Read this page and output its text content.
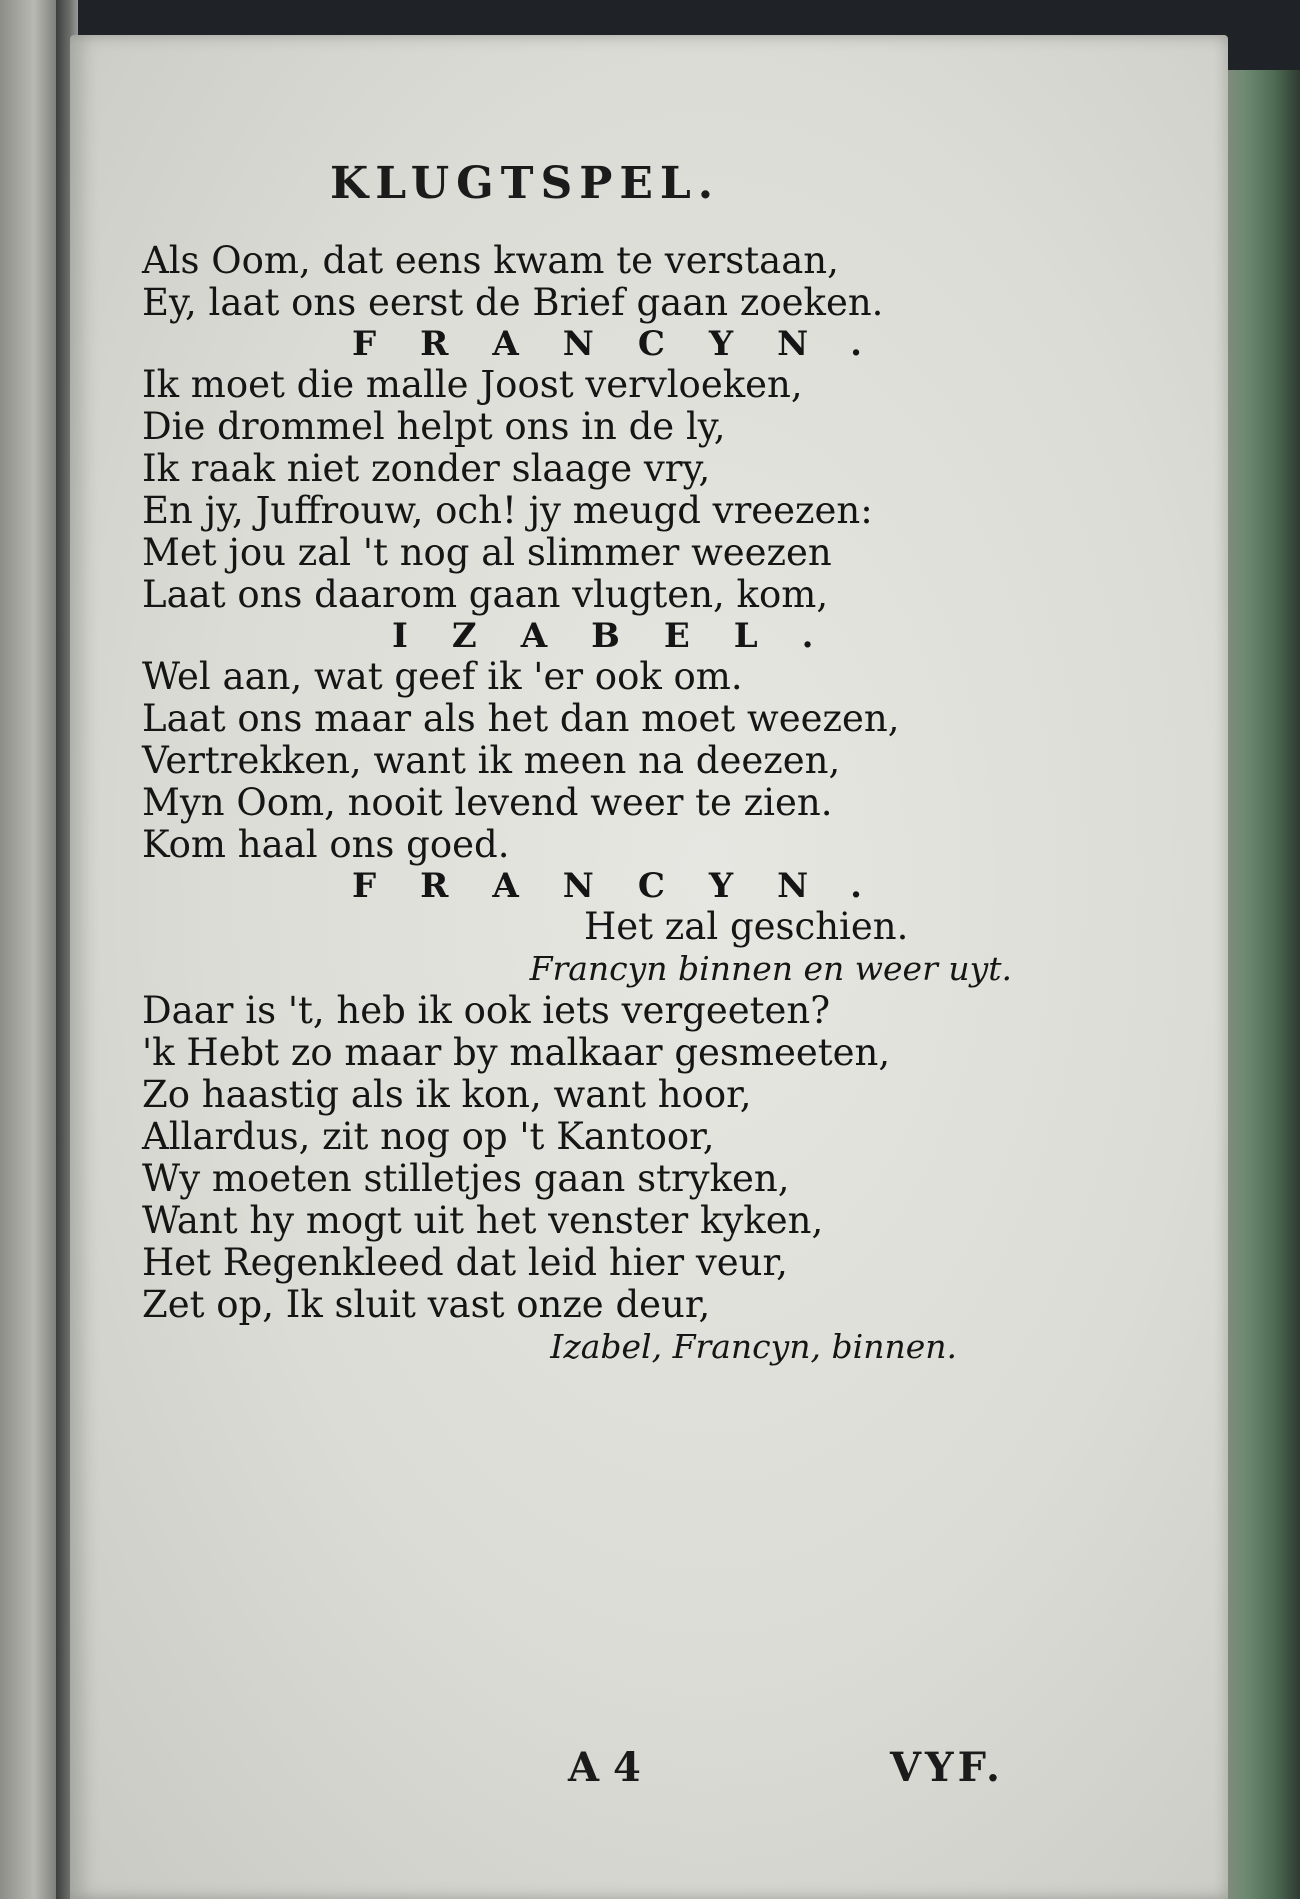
KLUGTSPEL.
Als Oom, dat eens kwam te verstaan,
Ey, laat ons eerst de Brief gaan zoeken.
FRANCYN.
Ik moet die malle Joost vervloeken,
Die drommel helpt ons in de ly,
Ik raak niet zonder slaage vry,
En jy, Juffrouw, och! jy meugd vreezen:
Met jou zal 't nog al slimmer weezen
Laat ons daarom gaan vlugten, kom,
IZABEL.
Wel aan, wat geef ik 'er ook om.
Laat ons maar als het dan moet weezen,
Vertrekken, want ik meen na deezen,
Myn Oom, nooit levend weer te zien.
Kom haal ons goed.
FRANCYN.
Het zal geschien.
Francyn binnen en weer uyt.
Daar is 't, heb ik ook iets vergeeten?
'k Hebt zo maar by malkaar gesmeeten,
Zo haastig als ik kon, want hoor,
Allardus, zit nog op 't Kantoor,
Wy moeten stilletjes gaan stryken,
Want hy mogt uit het venster kyken,
Het Regenkleed dat leid hier veur,
Zet op, Ik sluit vast onze deur,
Izabel, Francyn, binnen.
A 4	VYF.
